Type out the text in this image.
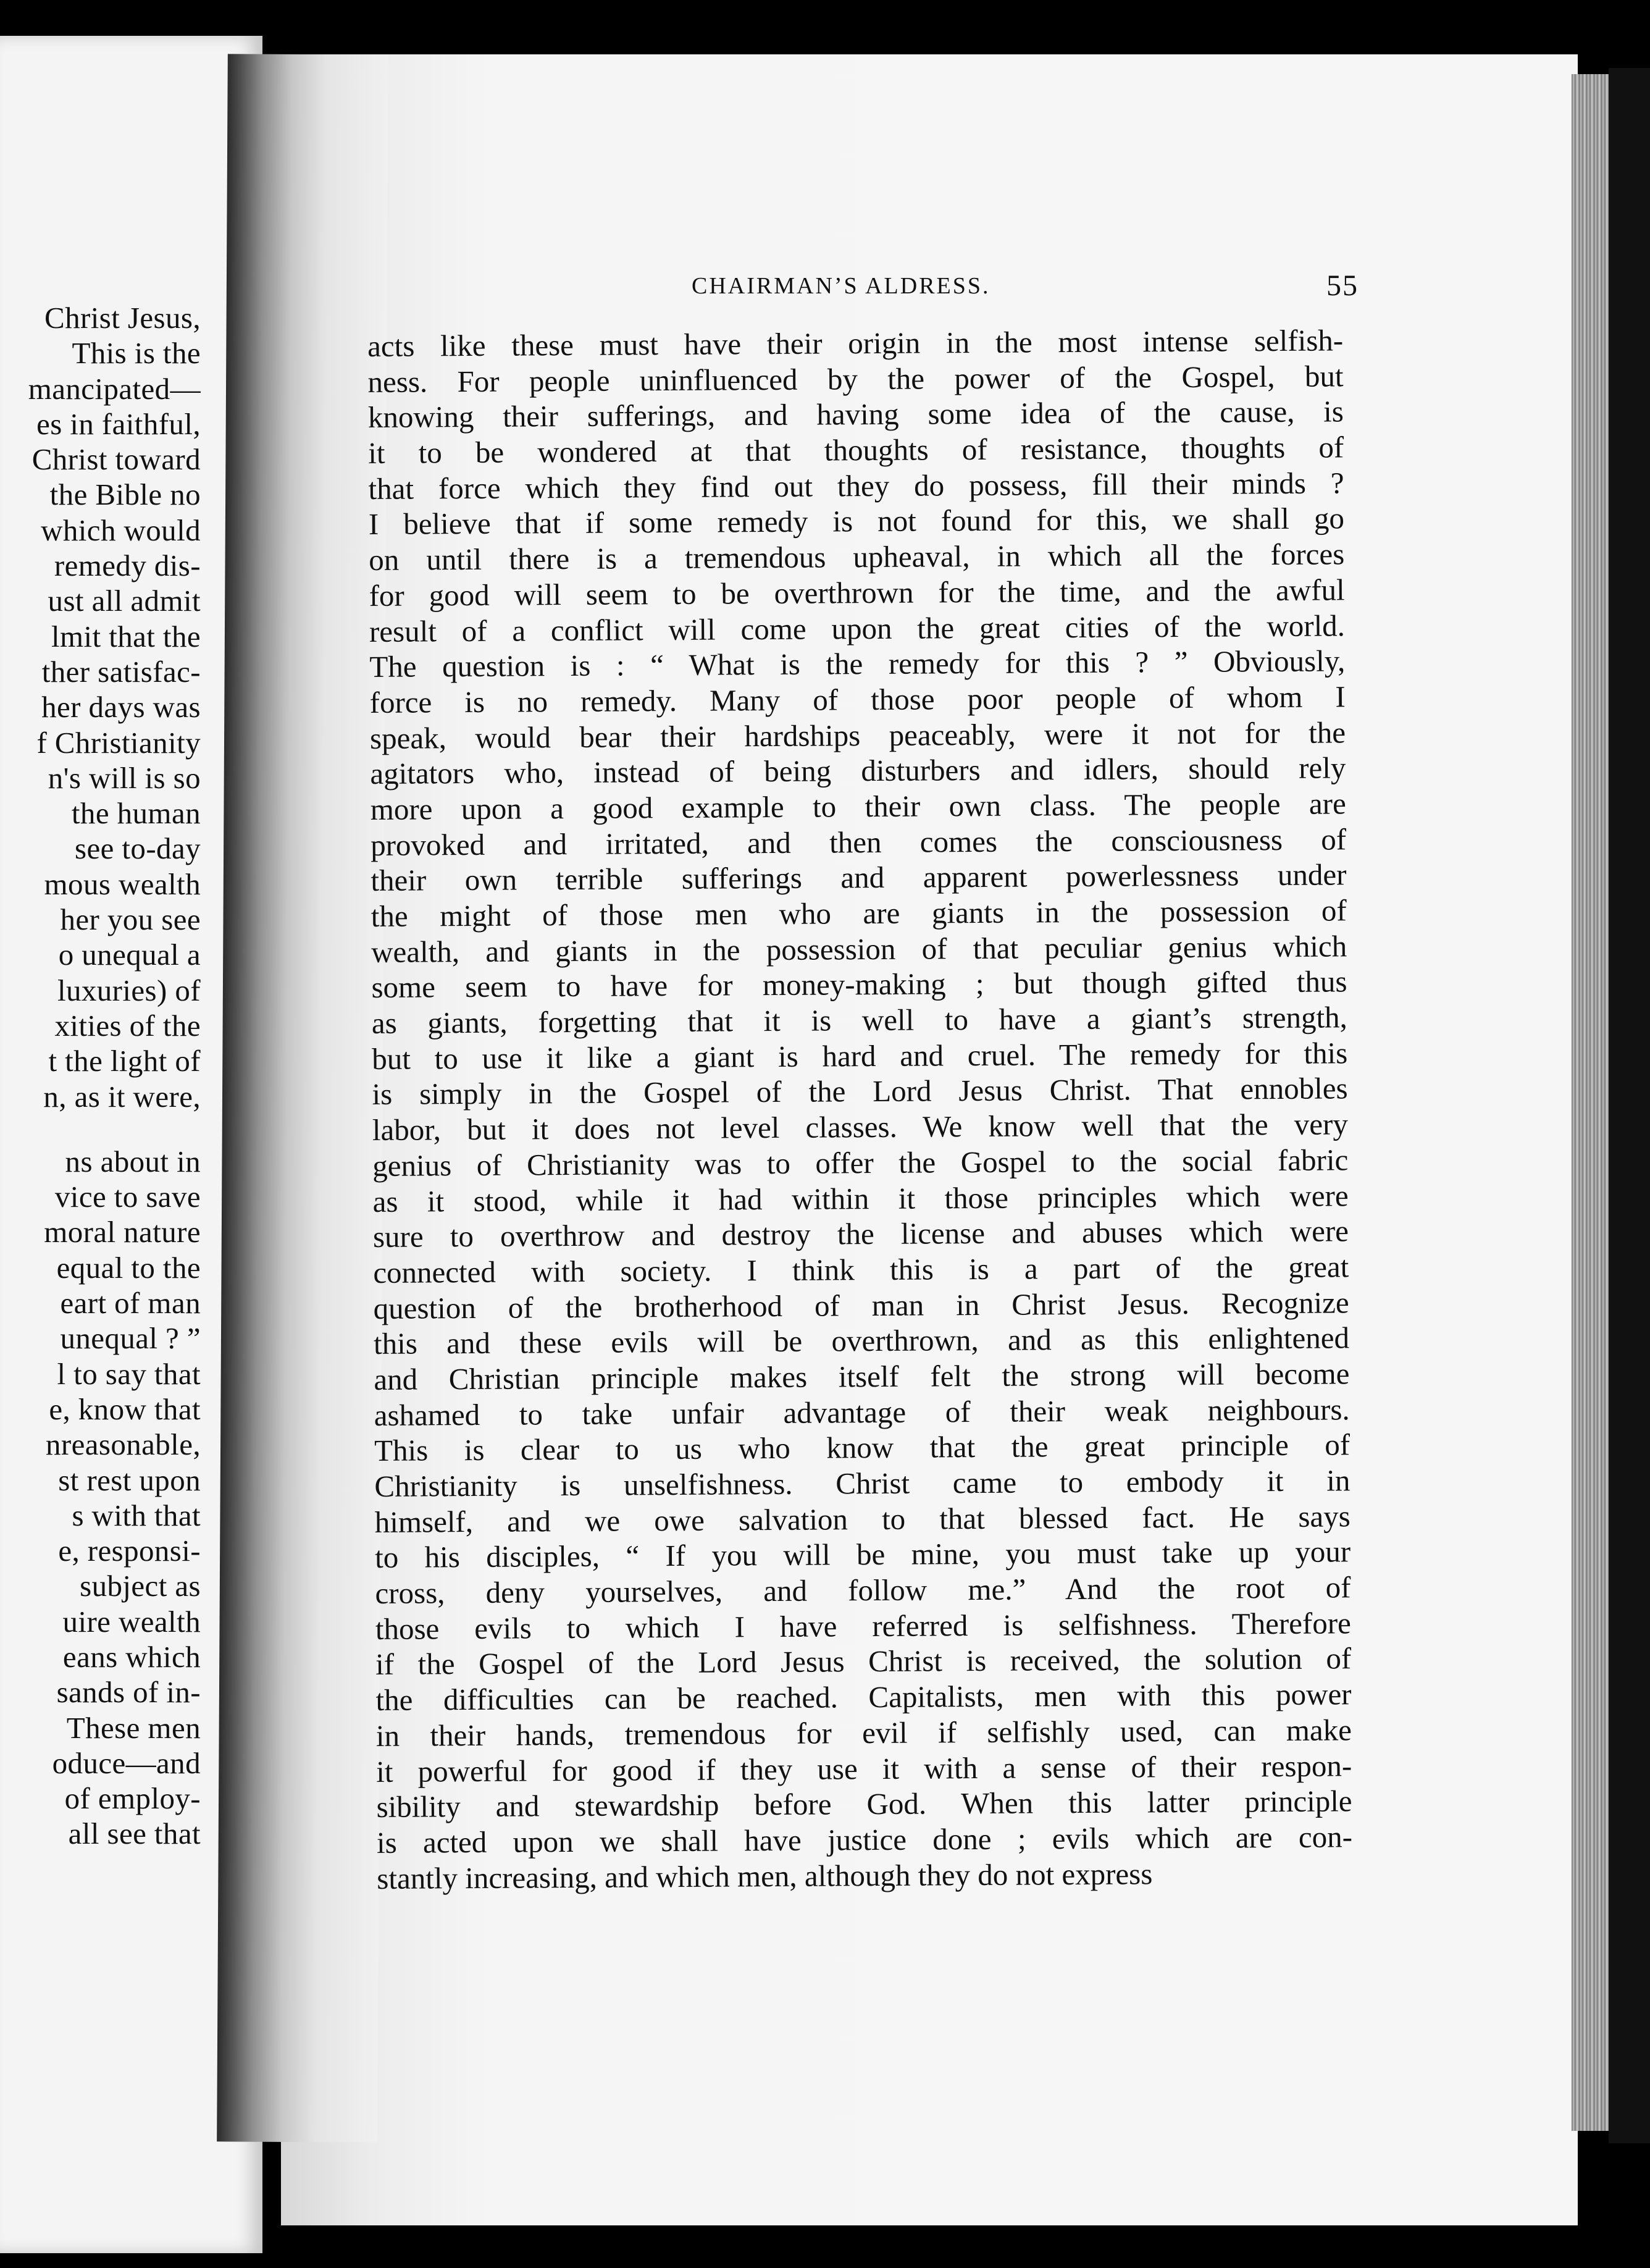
Christ Jesus,
This is the
mancipated—
es in faithful,
Christ toward
the Bible no
which would
remedy dis-
ust all admit
lmit that the
ther satisfac-
her days was
f Christianity
n's will is so
the human
see to-day
mous wealth
her you see
o unequal a
luxuries) of
xities of the
t the light of
n, as it were,
ns about in
vice to save
moral nature
equal to the
eart of man
unequal ? ”
l to say that
e, know that
nreasonable,
st rest upon
s with that
e, responsi-
subject as
uire wealth
eans which
sands of in-
These men
oduce—and
of employ-
all see that
CHAIRMAN’S ALDRESS.	55
acts like these must have their origin in the most intense selfish-
ness. For people uninfluenced by the power of the Gospel, but
knowing their sufferings, and having some idea of the cause, is
it to be wondered at that thoughts of resistance, thoughts of
that force which they find out they do possess, fill their minds ?
I believe that if some remedy is not found for this, we shall go
on until there is a tremendous upheaval, in which all the forces
for good will seem to be overthrown for the time, and the awful
result of a conflict will come upon the great cities of the world.
The question is : “ What is the remedy for this ? ” Obviously,
force is no remedy. Many of those poor people of whom I
speak, would bear their hardships peaceably, were it not for the
agitators who, instead of being disturbers and idlers, should rely
more upon a good example to their own class. The people are
provoked and irritated, and then comes the consciousness of
their own terrible sufferings and apparent powerlessness under
the might of those men who are giants in the possession of
wealth, and giants in the possession of that peculiar genius which
some seem to have for money-making ; but though gifted thus
as giants, forgetting that it is well to have a giant’s strength,
but to use it like a giant is hard and cruel. The remedy for this
is simply in the Gospel of the Lord Jesus Christ. That ennobles
labor, but it does not level classes. We know well that the very
genius of Christianity was to offer the Gospel to the social fabric
as it stood, while it had within it those principles which were
sure to overthrow and destroy the license and abuses which were
connected with society. I think this is a part of the great
question of the brotherhood of man in Christ Jesus. Recognize
this and these evils will be overthrown, and as this enlightened
and Christian principle makes itself felt the strong will become
ashamed to take unfair advantage of their weak neighbours.
This is clear to us who know that the great principle of
Christianity is unselfishness. Christ came to embody it in
himself, and we owe salvation to that blessed fact. He says
to his disciples, “ If you will be mine, you must take up your
cross, deny yourselves, and follow me.” And the root of
those evils to which I have referred is selfishness. Therefore
if the Gospel of the Lord Jesus Christ is received, the solution of
the difficulties can be reached. Capitalists, men with this power
in their hands, tremendous for evil if selfishly used, can make
it powerful for good if they use it with a sense of their respon-
sibility and stewardship before God. When this latter principle
is acted upon we shall have justice done ; evils which are con-
stantly increasing, and which men, although they do not express
